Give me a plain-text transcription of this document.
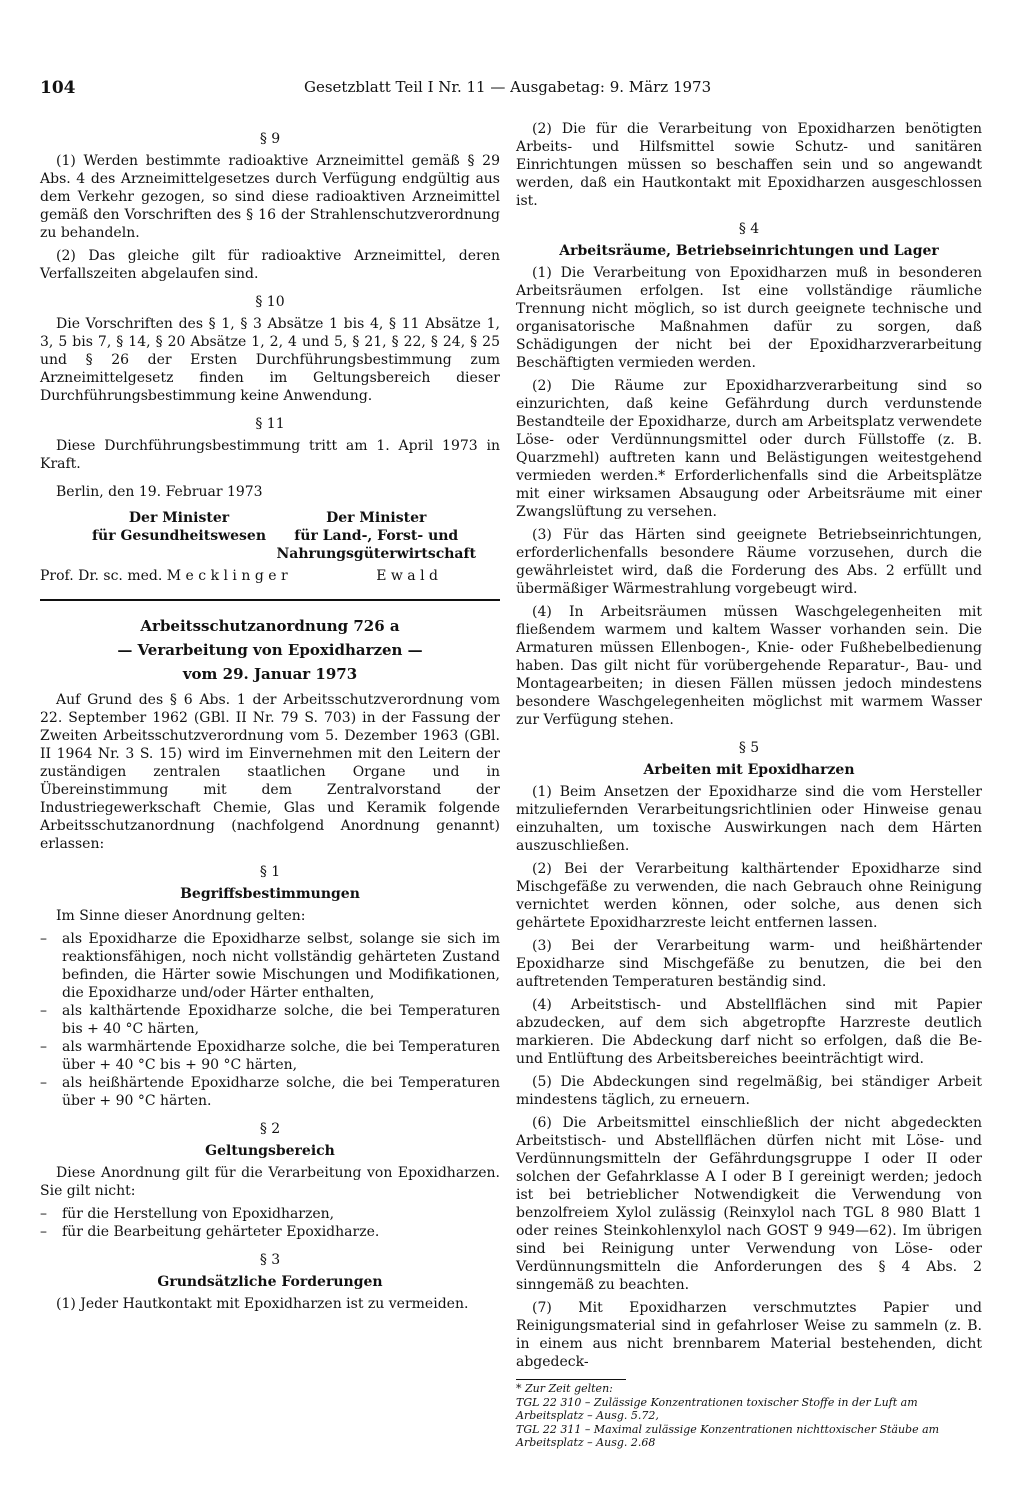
104	Gesetzblatt Teil I Nr. 11 — Ausgabetag: 9. März 1973
§ 9

(1) Werden bestimmte radioaktive Arzneimittel gemäß § 29 Abs. 4 des Arzneimittelgesetzes durch Verfügung endgültig aus dem Verkehr gezogen, so sind diese radioaktiven Arzneimittel gemäß den Vorschriften des § 16 der Strahlenschutzverordnung zu behandeln.

(2) Das gleiche gilt für radioaktive Arzneimittel, deren Verfallszeiten abgelaufen sind.

§ 10

Die Vorschriften des § 1, § 3 Absätze 1 bis 4, § 11 Absätze 1, 3, 5 bis 7, § 14, § 20 Absätze 1, 2, 4 und 5, § 21, § 22, § 24, § 25 und § 26 der Ersten Durchführungsbestimmung zum Arzneimittelgesetz finden im Geltungsbereich dieser Durchführungsbestimmung keine Anwendung.

§ 11

Diese Durchführungsbestimmung tritt am 1. April 1973 in Kraft.

Berlin, den 19. Februar 1973

Der Minister
für Gesundheitswesen
Der Minister
für Land-, Forst- und
Nahrungsgüterwirtschaft
Prof. Dr. sc. med. M e c k l i n g e r	E w a l d
Arbeitsschutzanordnung 726 a
— Verarbeitung von Epoxidharzen —
vom 29. Januar 1973

Auf Grund des § 6 Abs. 1 der Arbeitsschutzverordnung vom 22. September 1962 (GBl. II Nr. 79 S. 703) in der Fassung der Zweiten Arbeitsschutzverordnung vom 5. Dezember 1963 (GBl. II 1964 Nr. 3 S. 15) wird im Einvernehmen mit den Leitern der zuständigen zentralen staatlichen Organe und in Übereinstimmung mit dem Zentralvorstand der Industriegewerkschaft Chemie, Glas und Keramik folgende Arbeitsschutzanordnung (nachfolgend Anordnung genannt) erlassen:

§ 1
Begriffsbestimmungen

Im Sinne dieser Anordnung gelten:

– als Epoxidharze die Epoxidharze selbst, solange sie sich im reaktionsfähigen, noch nicht vollständig gehärteten Zustand befinden, die Härter sowie Mischungen und Modifikationen, die Epoxidharze und/oder Härter enthalten,
– als kalthärtende Epoxidharze solche, die bei Temperaturen bis + 40 °C härten,
– als warmhärtende Epoxidharze solche, die bei Temperaturen über + 40 °C bis + 90 °C härten,
– als heißhärtende Epoxidharze solche, die bei Temperaturen über + 90 °C härten.
§ 2
Geltungsbereich

Diese Anordnung gilt für die Verarbeitung von Epoxidharzen. Sie gilt nicht:

– für die Herstellung von Epoxidharzen,
– für die Bearbeitung gehärteter Epoxidharze.
§ 3
Grundsätzliche Forderungen

(1) Jeder Hautkontakt mit Epoxidharzen ist zu vermeiden.

(2) Die für die Verarbeitung von Epoxidharzen benötigten Arbeits- und Hilfsmittel sowie Schutz- und sanitären Einrichtungen müssen so beschaffen sein und so angewandt werden, daß ein Hautkontakt mit Epoxidharzen ausgeschlossen ist.

§ 4
Arbeitsräume, Betriebseinrichtungen und Lager

(1) Die Verarbeitung von Epoxidharzen muß in besonderen Arbeitsräumen erfolgen. Ist eine vollständige räumliche Trennung nicht möglich, so ist durch geeignete technische und organisatorische Maßnahmen dafür zu sorgen, daß Schädigungen der nicht bei der Epoxidharzverarbeitung Beschäftigten vermieden werden.

(2) Die Räume zur Epoxidharzverarbeitung sind so einzurichten, daß keine Gefährdung durch verdunstende Bestandteile der Epoxidharze, durch am Arbeitsplatz verwendete Löse- oder Verdünnungsmittel oder durch Füllstoffe (z. B. Quarzmehl) auftreten kann und Belästigungen weitestgehend vermieden werden.* Erforderlichenfalls sind die Arbeitsplätze mit einer wirksamen Absaugung oder Arbeitsräume mit einer Zwangslüftung zu versehen.

(3) Für das Härten sind geeignete Betriebseinrichtungen, erforderlichenfalls besondere Räume vorzusehen, durch die gewährleistet wird, daß die Forderung des Abs. 2 erfüllt und übermäßiger Wärmestrahlung vorgebeugt wird.

(4) In Arbeitsräumen müssen Waschgelegenheiten mit fließendem warmem und kaltem Wasser vorhanden sein. Die Armaturen müssen Ellenbogen-, Knie- oder Fußhebelbedienung haben. Das gilt nicht für vorübergehende Reparatur-, Bau- und Montagearbeiten; in diesen Fällen müssen jedoch mindestens besondere Waschgelegenheiten möglichst mit warmem Wasser zur Verfügung stehen.

§ 5
Arbeiten mit Epoxidharzen

(1) Beim Ansetzen der Epoxidharze sind die vom Hersteller mitzuliefernden Verarbeitungsrichtlinien oder Hinweise genau einzuhalten, um toxische Auswirkungen nach dem Härten auszuschließen.

(2) Bei der Verarbeitung kalthärtender Epoxidharze sind Mischgefäße zu verwenden, die nach Gebrauch ohne Reinigung vernichtet werden können, oder solche, aus denen sich gehärtete Epoxidharzreste leicht entfernen lassen.

(3) Bei der Verarbeitung warm- und heißhärtender Epoxidharze sind Mischgefäße zu benutzen, die bei den auftretenden Temperaturen beständig sind.

(4) Arbeitstisch- und Abstellflächen sind mit Papier abzudecken, auf dem sich abgetropfte Harzreste deutlich markieren. Die Abdeckung darf nicht so erfolgen, daß die Be- und Entlüftung des Arbeitsbereiches beeinträchtigt wird.

(5) Die Abdeckungen sind regelmäßig, bei ständiger Arbeit mindestens täglich, zu erneuern.

(6) Die Arbeitsmittel einschließlich der nicht abgedeckten Arbeitstisch- und Abstellflächen dürfen nicht mit Löse- und Verdünnungsmitteln der Gefährdungsgruppe I oder II oder solchen der Gefahrklasse A I oder B I gereinigt werden; jedoch ist bei betrieblicher Notwendigkeit die Verwendung von benzolfreiem Xylol zulässig (Reinxylol nach TGL 8 980 Blatt 1 oder reines Steinkohlenxylol nach GOST 9 949—62). Im übrigen sind bei Reinigung unter Verwendung von Löse- oder Verdünnungsmitteln die Anforderungen des § 4 Abs. 2 sinngemäß zu beachten.

(7) Mit Epoxidharzen verschmutztes Papier und Reinigungsmaterial sind in gefahrloser Weise zu sammeln (z. B. in einem aus nicht brennbarem Material bestehenden, dicht abgedeck-

* Zur Zeit gelten:

TGL 22 310 – Zulässige Konzentrationen toxischer Stoffe in der Luft am Arbeitsplatz – Ausg. 5.72,

TGL 22 311 – Maximal zulässige Konzentrationen nichttoxischer Stäube am Arbeitsplatz – Ausg. 2.68
